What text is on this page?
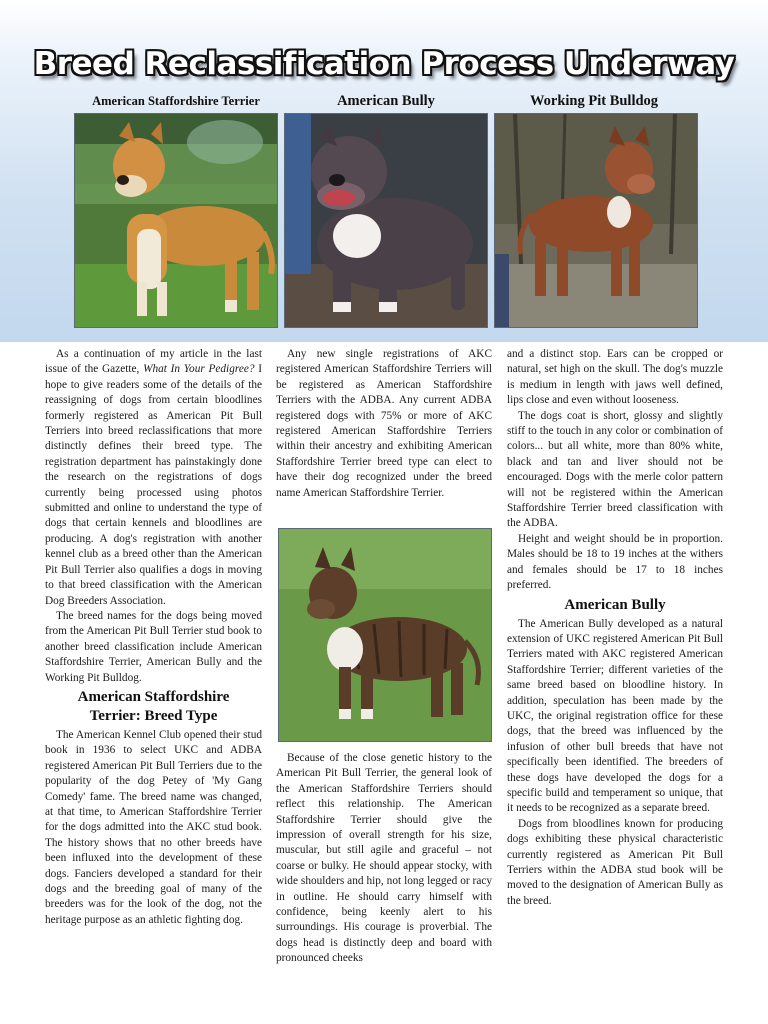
Breed Reclassification Process Underway
American Staffordshire Terrier	American Bully	Working Pit Bulldog

As a continuation of my article in the last issue of the Gazette, What In Your Pedigree? I hope to give readers some of the details of the reassigning of dogs from certain bloodlines formerly registered as American Pit Bull Terriers into breed reclassifications that more distinctly defines their breed type. The registration department has painstakingly done the research on the registrations of dogs currently being processed using photos submitted and online to understand the type of dogs that certain kennels and bloodlines are producing. A dog's registration with another kennel club as a breed other than the American Pit Bull Terrier also qualifies a dogs in moving to that breed classification with the American Dog Breeders Association.

The breed names for the dogs being moved from the American Pit Bull Terrier stud book to another breed classification include American Staffordshire Terrier, American Bully and the Working Pit Bulldog.

American Staffordshire
Terrier: Breed Type

The American Kennel Club opened their stud book in 1936 to select UKC and ADBA registered American Pit Bull Terriers due to the popularity of the dog Petey of 'My Gang Comedy' fame. The breed name was changed, at that time, to American Staffordshire Terrier for the dogs admitted into the AKC stud book. The history shows that no other breeds have been influxed into the development of these dogs. Fanciers developed a standard for their dogs and the breeding goal of many of the breeders was for the look of the dog, not the heritage purpose as an athletic fighting dog.

Any new single registrations of AKC registered American Staffordshire Terriers will be registered as American Staffordshire Terriers with the ADBA. Any current ADBA registered dogs with 75% or more of AKC registered American Staffordshire Terriers within their ancestry and exhibiting American Staffordshire Terrier breed type can elect to have their dog recognized under the breed name American Staffordshire Terrier.

Because of the close genetic history to the American Pit Bull Terrier, the general look of the American Staffordshire Terriers should reflect this relationship. The American Staffordshire Terrier should give the impression of overall strength for his size, muscular, but still agile and graceful – not coarse or bulky. He should appear stocky, with wide shoulders and hip, not long legged or racy in outline. He should carry himself with confidence, being keenly alert to his surroundings. His courage is proverbial. The dogs head is distinctly deep and board with pronounced cheeks

and a distinct stop. Ears can be cropped or natural, set high on the skull. The dog's muzzle is medium in length with jaws well defined, lips close and even without looseness.

The dogs coat is short, glossy and slightly stiff to the touch in any color or combination of colors... but all white, more than 80% white, black and tan and liver should not be encouraged. Dogs with the merle color pattern will not be registered within the American Staffordshire Terrier breed classification with the ADBA.

Height and weight should be in proportion. Males should be 18 to 19 inches at the withers and females should be 17 to 18 inches preferred.

American Bully

The American Bully developed as a natural extension of UKC registered American Pit Bull Terriers mated with AKC registered American Staffordshire Terrier; different varieties of the same breed based on bloodline history. In addition, speculation has been made by the UKC, the original registration office for these dogs, that the breed was influenced by the infusion of other bull breeds that have not specifically been identified. The breeders of these dogs have developed the dogs for a specific build and temperament so unique, that it needs to be recognized as a separate breed.

Dogs from bloodlines known for producing dogs exhibiting these physical characteristic currently registered as American Pit Bull Terriers within the ADBA stud book will be moved to the designation of American Bully as the breed.
